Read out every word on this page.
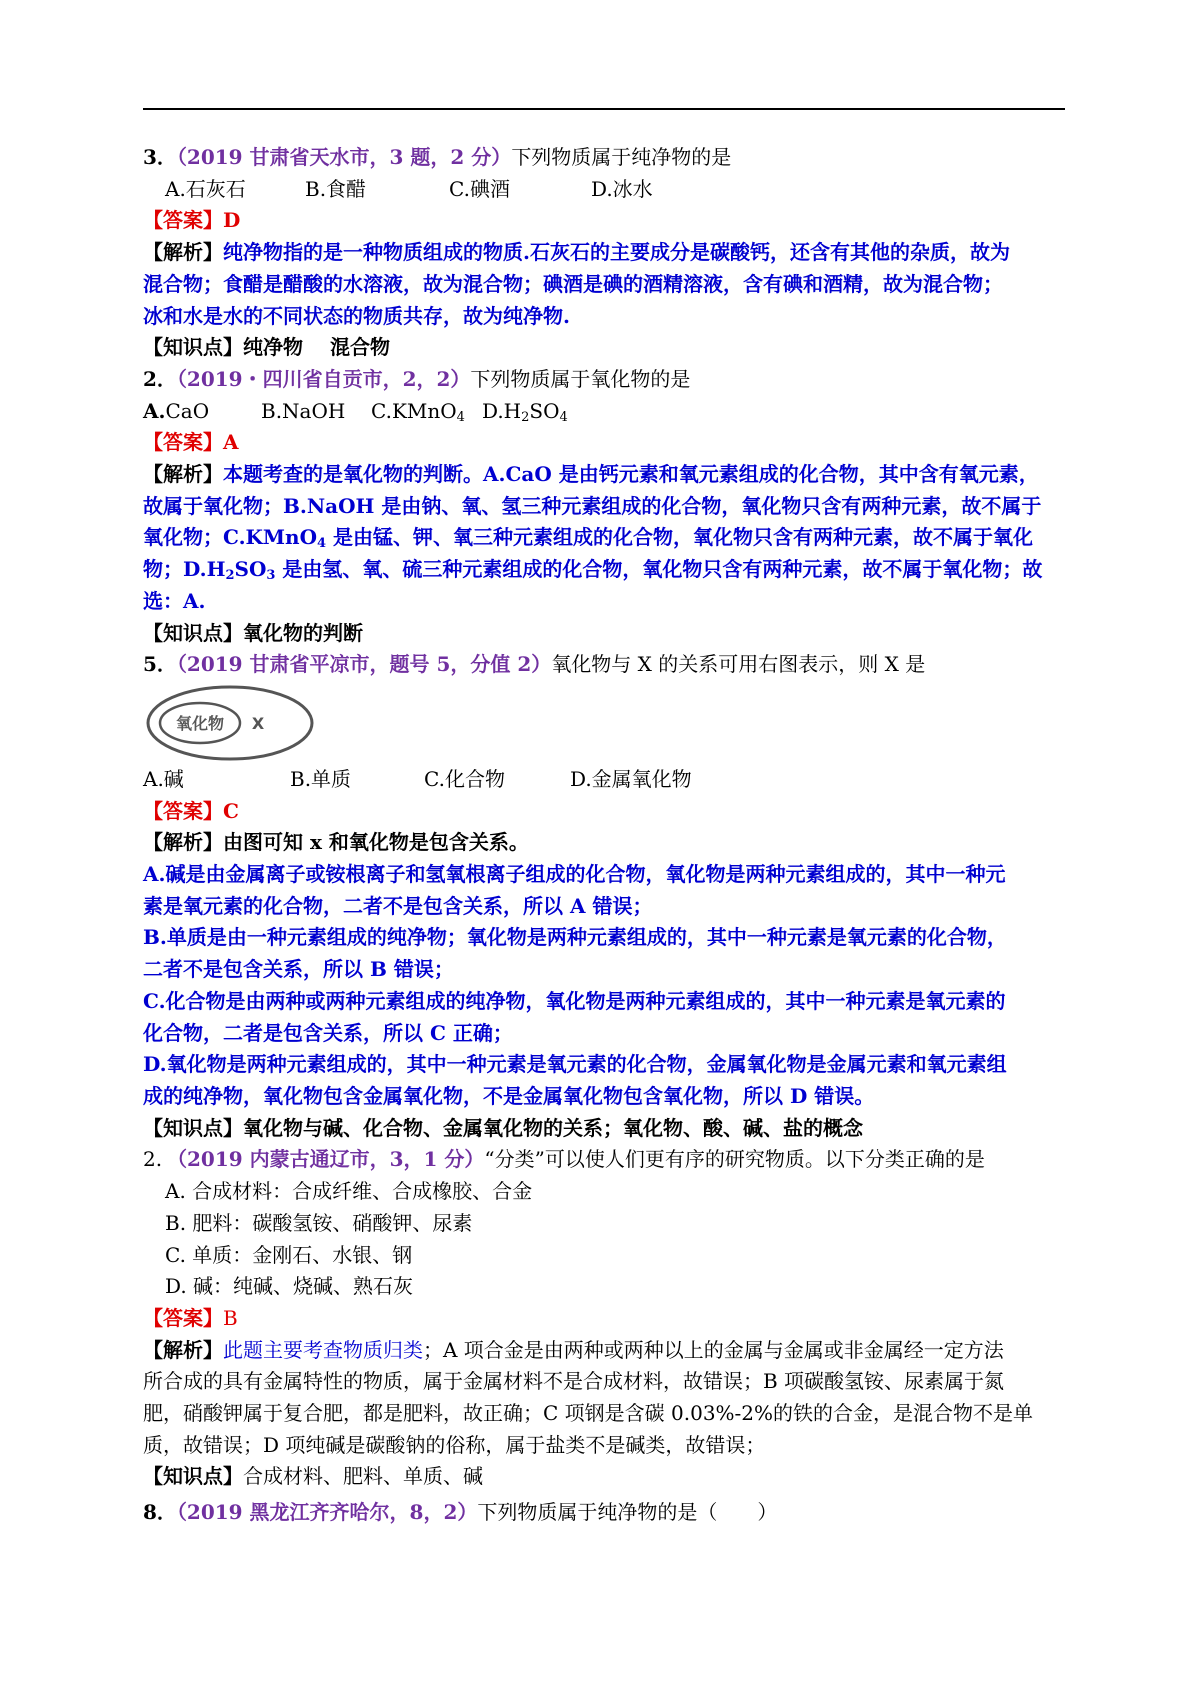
3．（2019 甘肃省天水市，3 题，2 分）下列物质属于纯净物的是
A.石灰石	B.食醋	C.碘酒	D.冰水
【答案】D
【解析】纯净物指的是一种物质组成的物质.石灰石的主要成分是碳酸钙，还含有其他的杂质，故为
混合物；食醋是醋酸的水溶液，故为混合物；碘酒是碘的酒精溶液，含有碘和酒精，故为混合物；
冰和水是水的不同状态的物质共存，故为纯净物.
【知识点】纯净物　 混合物
2．（2019・四川省自贡市，2，2）下列物质属于氧化物的是
A.CaO	B.NaOH C.KMnO$_4$ $D.H_2SO_4$
【答案】A
【解析】本题考查的是氧化物的判断。A.CaO 是由钙元素和氧元素组成的化合物，其中含有氧元素，
故属于氧化物；B.NaOH 是由钠、氧、氢三种元素组成的化合物，氧化物只含有两种元素，故不属于
氧化物；C.KMnO$_4$ 是由锰、钾、氧三种元素组成的化合物，氧化物只含有两种元素，故不属于氧化
物；$D.H_2SO_3$ 是由氢、氧、硫三种元素组成的化合物，氧化物只含有两种元素，故不属于氧化物；故
选：A.
【知识点】氧化物的判断
5．（2019 甘肃省平凉市，题号 5，分值 2）氧化物与 X 的关系可用右图表示，则 X 是
氧化物 X
A.碱	B.单质	C.化合物	D.金属氧化物
【答案】C
【解析】由图可知 x 和氧化物是包含关系。
A.碱是由金属离子或铵根离子和氢氧根离子组成的化合物，氧化物是两种元素组成的，其中一种元
素是氧元素的化合物，二者不是包含关系，所以 A 错误；
B.单质是由一种元素组成的纯净物；氧化物是两种元素组成的，其中一种元素是氧元素的化合物，
二者不是包含关系，所以 B 错误；
C.化合物是由两种或两种元素组成的纯净物，氧化物是两种元素组成的，其中一种元素是氧元素的
化合物，二者是包含关系，所以 C 正确；
D.氧化物是两种元素组成的，其中一种元素是氧元素的化合物，金属氧化物是金属元素和氧元素组
成的纯净物，氧化物包含金属氧化物，不是金属氧化物包含氧化物，所以 D 错误。
【知识点】氧化物与碱、化合物、金属氧化物的关系；氧化物、酸、碱、盐的概念
2. （2019 内蒙古通辽市，3，1 分）“分类”可以使人们更有序的研究物质。以下分类正确的是
A. 合成材料：合成纤维、合成橡胶、合金
B. 肥料：碳酸氢铵、硝酸钾、尿素
C. 单质：金刚石、水银、钢
D. 碱：纯碱、烧碱、熟石灰
【答案】B
【解析】此题主要考查物质归类；A 项合金是由两种或两种以上的金属与金属或非金属经一定方法
所合成的具有金属特性的物质，属于金属材料不是合成材料，故错误；B 项碳酸氢铵、尿素属于氮
肥，硝酸钾属于复合肥，都是肥料，故正确；C 项钢是含碳 0.03%-2%的铁的合金，是混合物不是单
质，故错误；D 项纯碱是碳酸钠的俗称，属于盐类不是碱类，故错误；
【知识点】合成材料、肥料、单质、碱
8．（2019 黑龙江齐齐哈尔，8，2）下列物质属于纯净物的是（　　）
